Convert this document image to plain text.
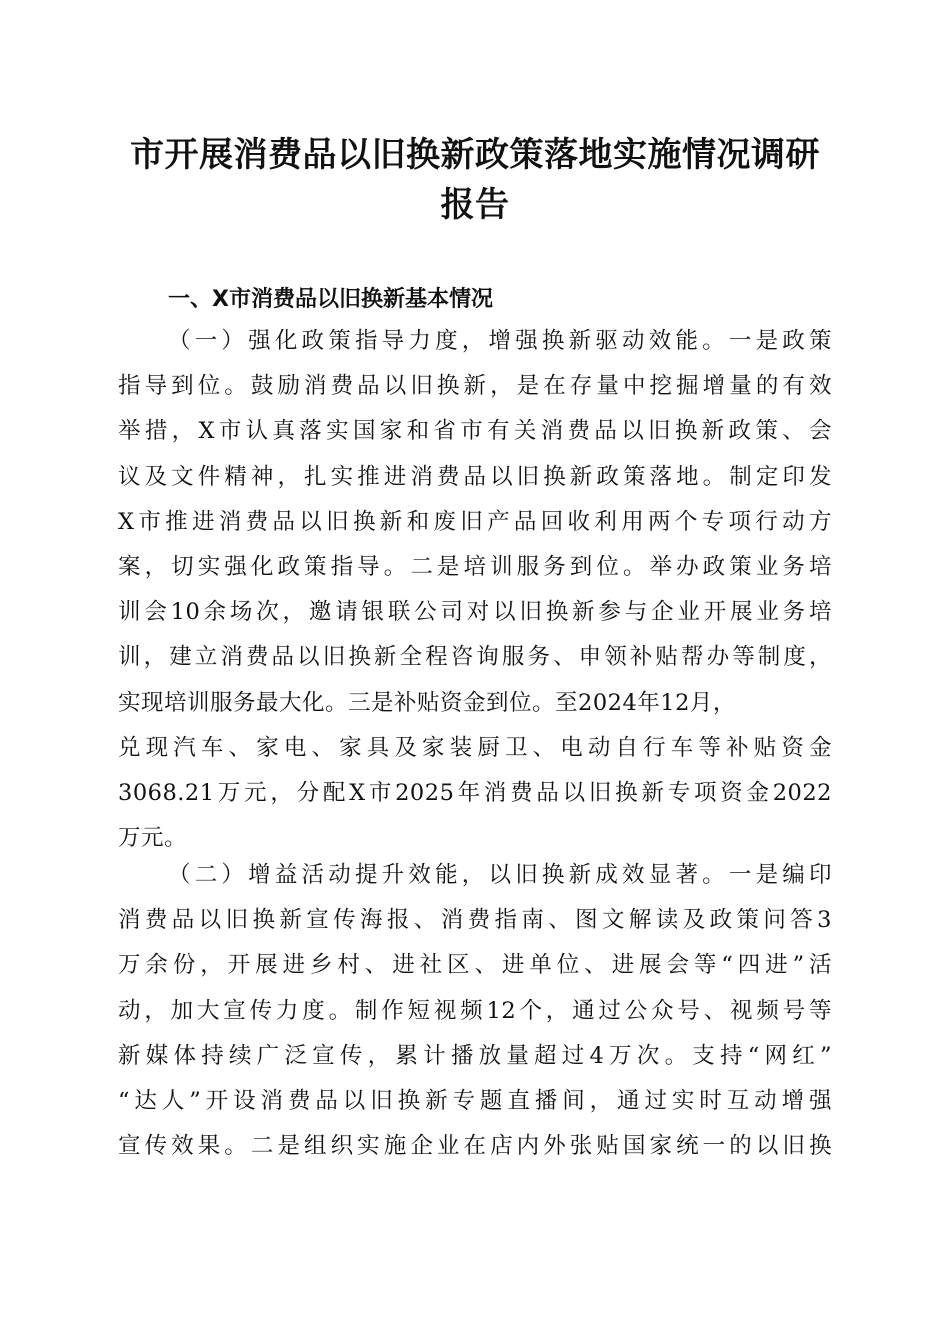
市开展消费品以旧换新政策落地实施情况调研
报告
一、X市消费品以旧换新基本情况

（一）强化政策指导力度，增强换新驱动效能。一是政策
指导到位。鼓励消费品以旧换新，是在存量中挖掘增量的有效
举措，X市认真落实国家和省市有关消费品以旧换新政策、会
议及文件精神，扎实推进消费品以旧换新政策落地。制定印发
X市推进消费品以旧换新和废旧产品回收利用两个专项行动方
案，切实强化政策指导。二是培训服务到位。举办政策业务培
训会10余场次，邀请银联公司对以旧换新参与企业开展业务培
训，建立消费品以旧换新全程咨询服务、申领补贴帮办等制度，
实现培训服务最大化。三是补贴资金到位。至2024年12月，
兑现汽车、家电、家具及家装厨卫、电动自行车等补贴资金
3068.21万元，分配X市2025年消费品以旧换新专项资金2022
万元。

（二）增益活动提升效能，以旧换新成效显著。一是编印
消费品以旧换新宣传海报、消费指南、图文解读及政策问答3
万余份，开展进乡村、进社区、进单位、进展会等“四进”活
动，加大宣传力度。制作短视频12个，通过公众号、视频号等
新媒体持续广泛宣传，累计播放量超过4万次。支持“网红”
“达人”开设消费品以旧换新专题直播间，通过实时互动增强
宣传效果。二是组织实施企业在店内外张贴国家统一的以旧换
